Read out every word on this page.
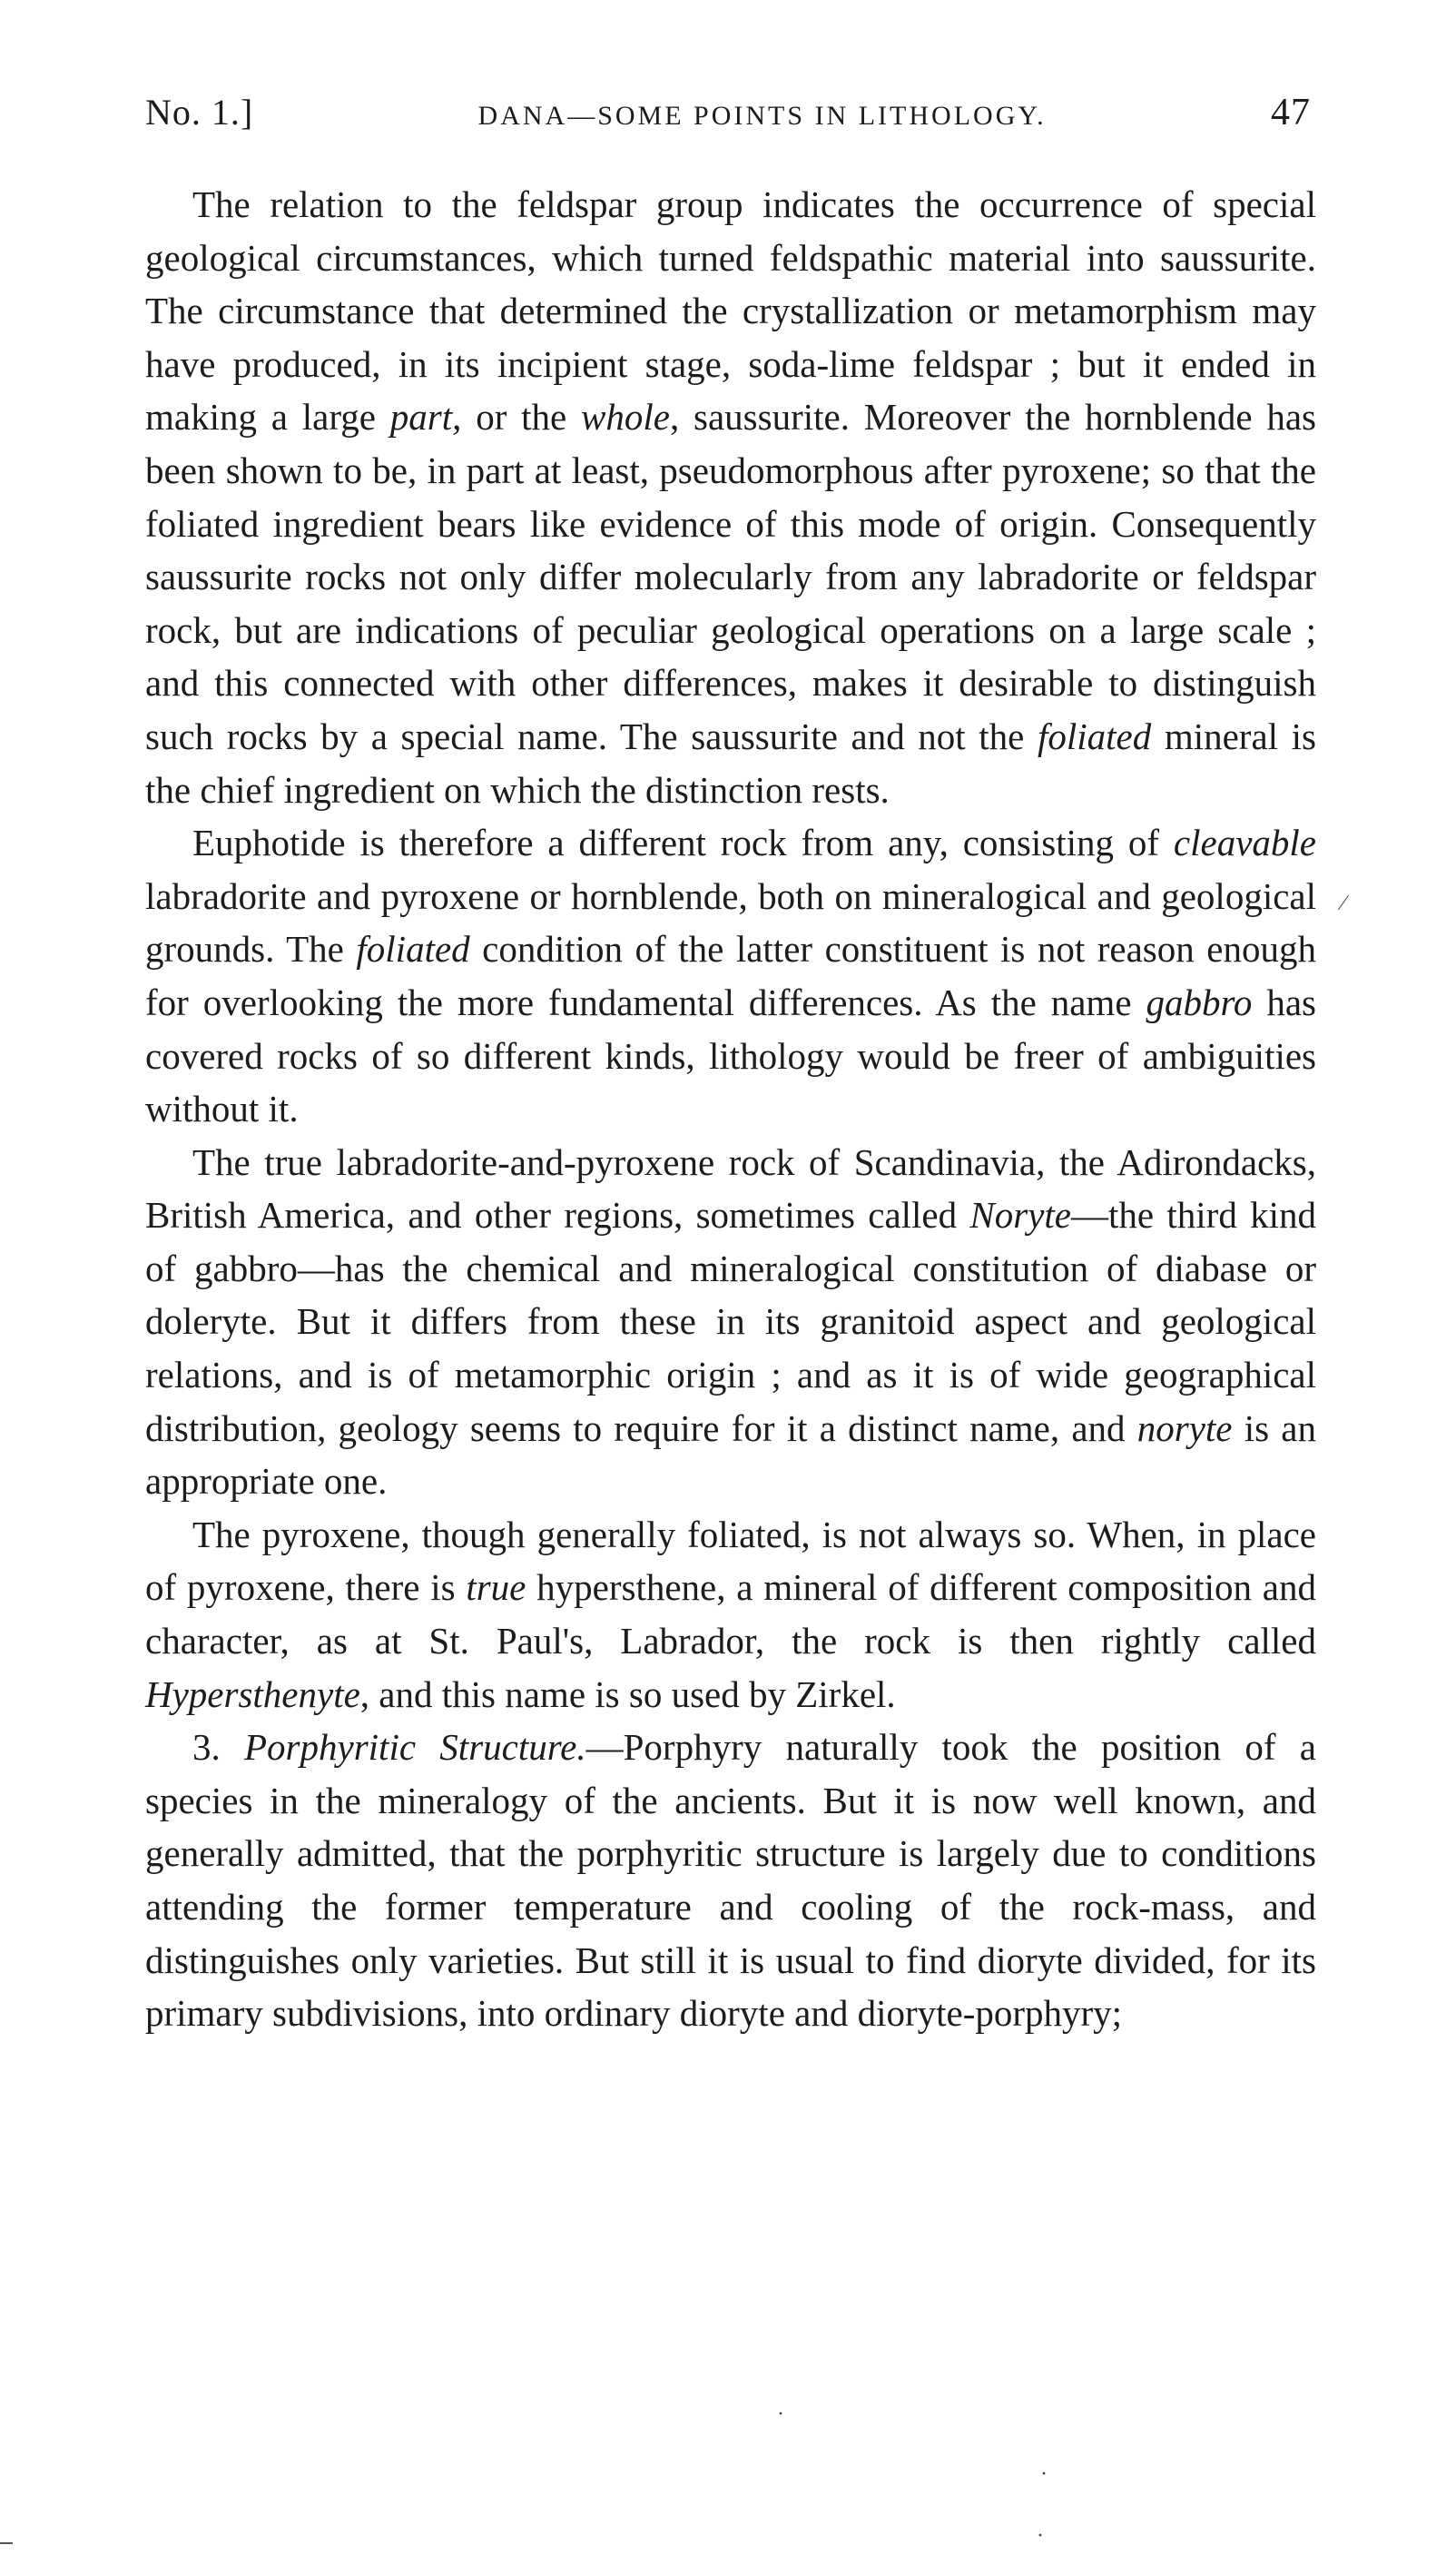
No. 1.]	DANA—SOME POINTS IN LITHOLOGY.	47

The relation to the feldspar group indicates the occurrence of special geological circumstances, which turned feldspathic material into saussurite. The circumstance that determined the crystallization or metamorphism may have produced, in its incipient stage, soda-lime feldspar ; but it ended in making a large part, or the whole, saussurite. Moreover the hornblende has been shown to be, in part at least, pseudomorphous after pyroxene; so that the foliated ingredient bears like evidence of this mode of origin. Consequently saussurite rocks not only differ molecularly from any labradorite or feldspar rock, but are indications of peculiar geological operations on a large scale ; and this connected with other differences, makes it desirable to distinguish such rocks by a special name. The saussurite and not the foliated mineral is the chief ingredient on which the distinction rests.

Euphotide is therefore a different rock from any, consisting of cleavable labradorite and pyroxene or hornblende, both on mineralogical and geological grounds. The foliated condition of the latter constituent is not reason enough for overlooking the more fundamental differences. As the name gabbro has covered rocks of so different kinds, lithology would be freer of ambiguities without it.

The true labradorite-and-pyroxene rock of Scandinavia, the Adirondacks, British America, and other regions, sometimes called Noryte—the third kind of gabbro—has the chemical and mineralogical constitution of diabase or doleryte. But it differs from these in its granitoid aspect and geological relations, and is of metamorphic origin ; and as it is of wide geographical distribution, geology seems to require for it a distinct name, and noryte is an appropriate one.

The pyroxene, though generally foliated, is not always so. When, in place of pyroxene, there is true hypersthene, a mineral of different composition and character, as at St. Paul's, Labrador, the rock is then rightly called Hypersthenyte, and this name is so used by Zirkel.

3. Porphyritic Structure.—Porphyry naturally took the position of a species in the mineralogy of the ancients. But it is now well known, and generally admitted, that the porphyritic structure is largely due to conditions attending the former temperature and cooling of the rock-mass, and distinguishes only varieties. But still it is usual to find dioryte divided, for its primary subdivisions, into ordinary dioryte and dioryte-porphyry;

⁄
·
·
·
